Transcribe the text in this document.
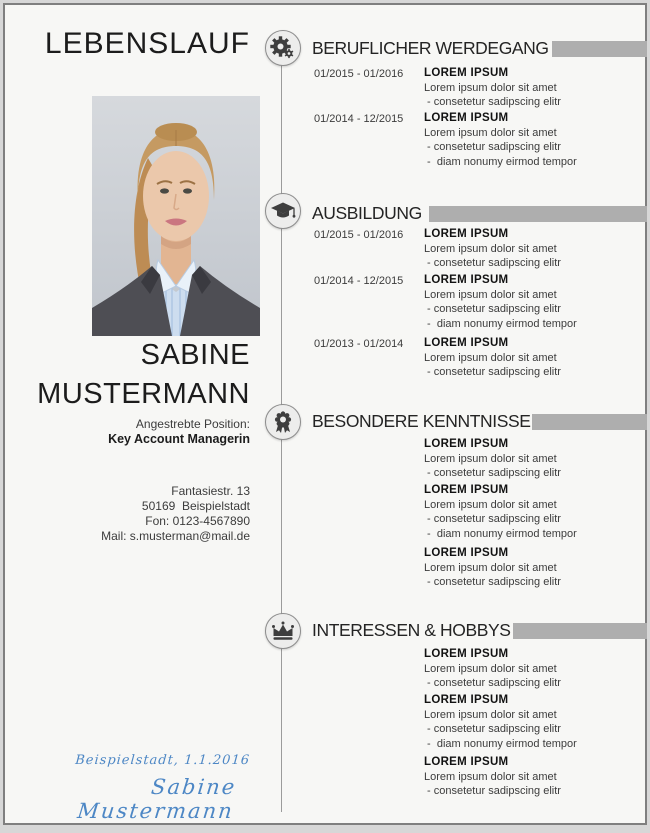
LEBENSLAUF
SABINE
MUSTERMANN
Angestrebte Position:
Key Account Managerin
Fantasiestr. 13
50169  Beispielstadt
Fon: 0123-4567890
Mail: s.musterman@mail.de
Beispielstadt, 1.1.2016
Sabine Mustermann
BERUFLICHER WERDEGANG
01/2015 - 01/2016	LOREM IPSUM
Lorem ipsum dolor sit amet
- consetetur sadipscing elitr
01/2014 - 12/2015	LOREM IPSUM
Lorem ipsum dolor sit amet
- consetetur sadipscing elitr
-  diam nonumy eirmod tempor
AUSBILDUNG
01/2015 - 01/2016	LOREM IPSUM
Lorem ipsum dolor sit amet
- consetetur sadipscing elitr
01/2014 - 12/2015	LOREM IPSUM
Lorem ipsum dolor sit amet
- consetetur sadipscing elitr
-  diam nonumy eirmod tempor
01/2013 - 01/2014	LOREM IPSUM
Lorem ipsum dolor sit amet
- consetetur sadipscing elitr
BESONDERE KENNTNISSE
LOREM IPSUM
Lorem ipsum dolor sit amet
- consetetur sadipscing elitr
LOREM IPSUM
Lorem ipsum dolor sit amet
- consetetur sadipscing elitr
-  diam nonumy eirmod tempor
LOREM IPSUM
Lorem ipsum dolor sit amet
- consetetur sadipscing elitr
INTERESSEN & HOBBYS
LOREM IPSUM
Lorem ipsum dolor sit amet
- consetetur sadipscing elitr
LOREM IPSUM
Lorem ipsum dolor sit amet
- consetetur sadipscing elitr
-  diam nonumy eirmod tempor
LOREM IPSUM
Lorem ipsum dolor sit amet
- consetetur sadipscing elitr
